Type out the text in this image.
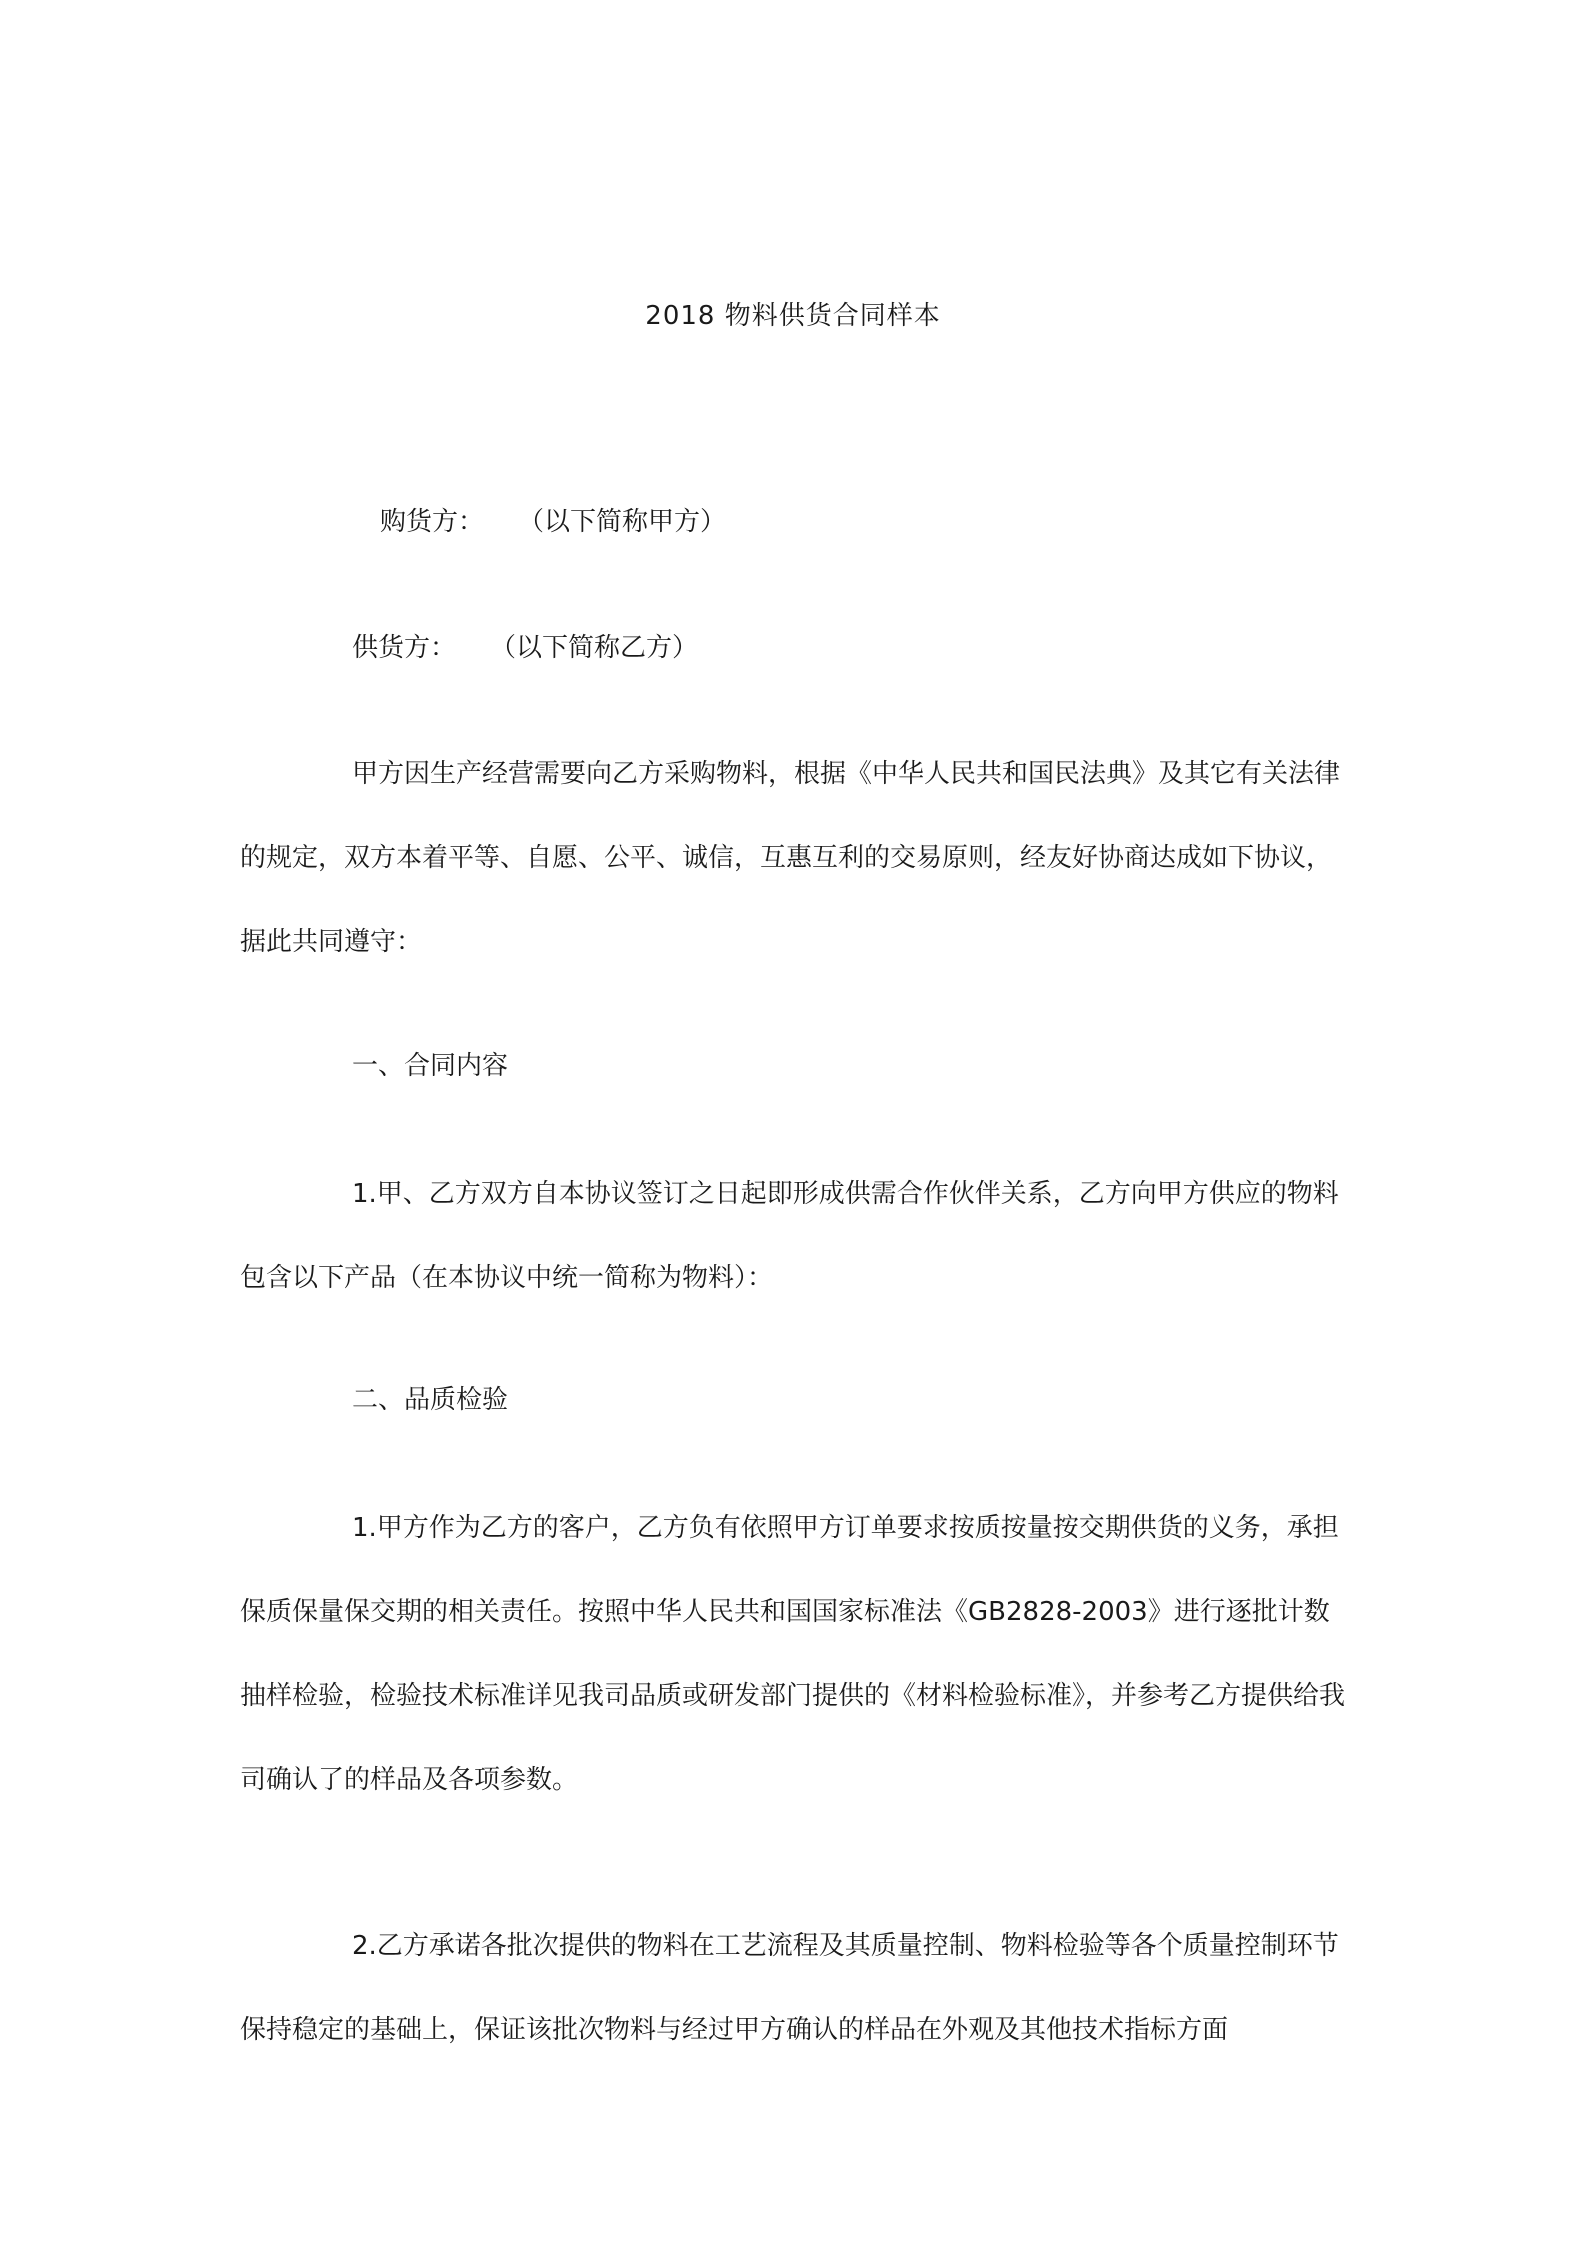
2018 物料供货合同样本
购货方： （以下简称甲方）
供货方： （以下简称乙方）

甲方因生产经营需要向乙方采购物料，根据《中华人民共和国民法典》及其它有关法律的规定，双方本着平等、自愿、公平、诚信，互惠互利的交易原则，经友好协商达成如下协议，据此共同遵守：

一、合同内容

1.甲、乙方双方自本协议签订之日起即形成供需合作伙伴关系，乙方向甲方供应的物料包含以下产品（在本协议中统一简称为物料）：

二、品质检验

1.甲方作为乙方的客户，乙方负有依照甲方订单要求按质按量按交期供货的义务，承担保质保量保交期的相关责任。按照中华人民共和国国家标准法《GB2828-2003》进行逐批计数抽样检验，检验技术标准详见我司品质或研发部门提供的《材料检验标准》，并参考乙方提供给我司确认了的样品及各项参数。

2.乙方承诺各批次提供的物料在工艺流程及其质量控制、物料检验等各个质量控制环节保持稳定的基础上，保证该批次物料与经过甲方确认的样品在外观及其他技术指标方面
